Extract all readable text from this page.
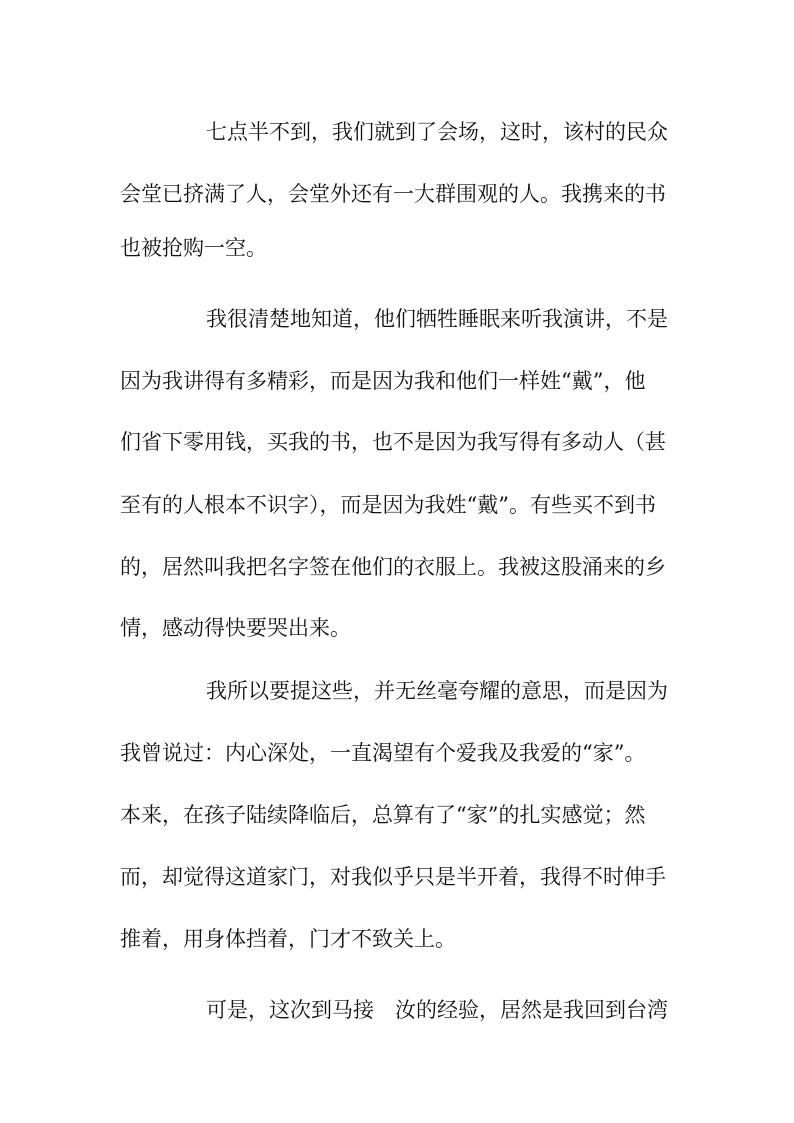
七点半不到，我们就到了会场，这时，该村的民众
会堂已挤满了人，会堂外还有一大群围观的人。我携来的书
也被抢购一空。
我很清楚地知道，他们牺牲睡眠来听我演讲，不是
因为我讲得有多精彩，而是因为我和他们一样姓“戴”，他
们省下零用钱，买我的书，也不是因为我写得有多动人（甚
至有的人根本不识字），而是因为我姓“戴”。有些买不到书
的，居然叫我把名字签在他们的衣服上。我被这股涌来的乡
情，感动得快要哭出来。
我所以要提这些，并无丝毫夸耀的意思，而是因为
我曾说过：内心深处，一直渴望有个爱我及我爱的“家”。
本来，在孩子陆续降临后，总算有了“家”的扎实感觉；然
而，却觉得这道家门，对我似乎只是半开着，我得不时伸手
推着，用身体挡着，门才不致关上。
可是，这次到马接　汝的经验，居然是我回到台湾
